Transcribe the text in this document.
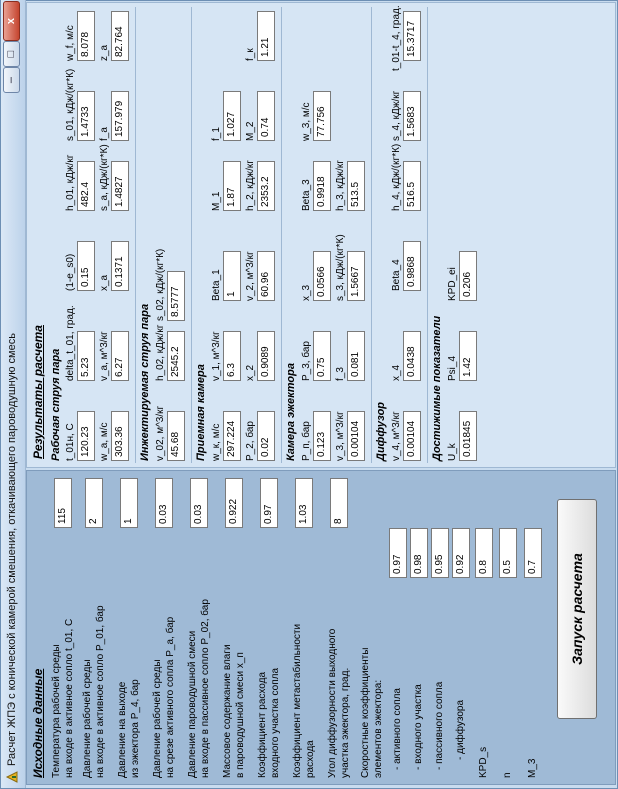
Расчет ЖПЭ с конической камерой смешения, откачивающего пароводушную смесь
–
□
x
Исходные данные Температура рабочей среды на входе в активное сопло t_01, С
115
Давление рабочей среды на входе в активное сопло P_01, бар
2
Давление на выходе из эжектора P_4, бар
1
Давление рабочей среды на срезе активного сопла P_a, бар
0.03
Давление пароводушной смеси на входе в пассивное сопло P_02, бар
0.03
Массовое содержание влаги в пароводушной смеси x_п
0.922
Коэффициент расхода входного участка сопла
0.97
Коэффициент метастабильности расхода
1.03
Угол диффузорности выходного участка эжектора, град.
8
Скоростные коэффициенты элементов эжектора: - активного сопла
0.97
- входного участка
0.98
- пассивного сопла
0.95
- диффузора
0.92
KPD_s
0.8
n
0.5
M_3
0.7	Запуск расчета
Результаты расчета Рабочая струя пара t_01н, С 120.23
delta_t_01, град. 5.23
(1-e_s0) 0.15
h_01, кДж/кг 482.4
s_01, кДж/(кг*К) 1.4733
w_f, м/с 8.078
w_a, м/с 303.36
v_a, м^3/кг 6.27
x_a 0.1371
s_a, кДж/(кг*К) 1.4827
f_a 157.979
z_a 82.764
Инжектируемая струя пара v_02, м^3/кг 45.68
h_02, кДж/кг 2545.2
s_02, кДж/(кг*К) 8.5777
Приемная камера w_к, м/с 297.224
v_1, м^3/кг 6.3
Beta_1 1
M_1 1.87
f_1 1.027
P_2, бар 0.02
x_2 0.9089
v_2, м^3/кг 60.96
h_2, кДж/кг 2353.2
M_2 0.74
f_к 1.21
Камера эжектора P_п, бар 0.123
P_3, бар 0.75
x_3 0.0566
Beta_3 0.9918
w_3, м/с 77.756
v_3, м^3/кг 0.00104
f_3 0.081
s_3, кДж/(кг*К) 1.5667
h_3, кДж/кг 513.5
Диффузор v_4, м^3/кг 0.00104
x_4 0.0438
Beta_4 0.9868
h_4, кДж/(кг*К) 516.5
s_4, кДж/кг 1.5683
t_01-t_4, град. 15.3717
Достижимые показатели U_k 0.01845
Psi_4 1.42
KPD_ei 0.206
